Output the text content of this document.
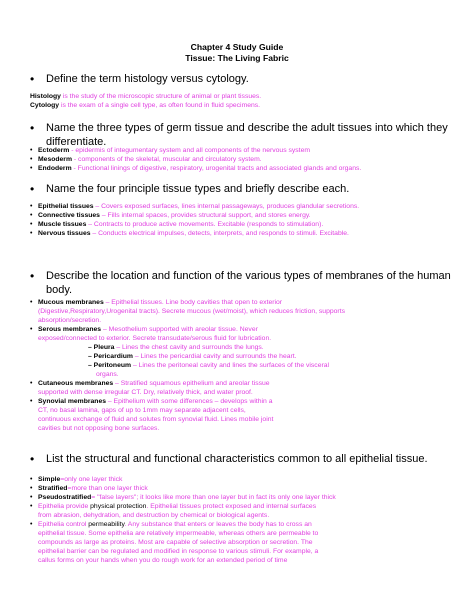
Chapter 4 Study Guide
Tissue: The Living Fabric
• Define the term histology versus cytology.
Histology is the study of the microscopic structure of animal or plant tissues.
Cytology is the exam of a single cell type, as often found in fluid specimens.
• Name the three types of germ tissue and describe the adult tissues into which they differentiate.
• Ectoderm - epidermis of integumentary system and all components of the nervous system
• Mesoderm - components of the skeletal, muscular and circulatory system.
• Endoderm - Functional linings of digestive, respiratory, urogenital tracts and associated glands and organs.
• Name the four principle tissue types and briefly describe each.
• Epithelial tissues – Covers exposed surfaces, lines internal passageways, produces glandular secretions.
• Connective tissues – Fills internal spaces, provides structural support, and stores energy.
• Muscle tissues – Contracts to produce active movements. Excitable (responds to stimulation).
• Nervous tissues – Conducts electrical impulses, detects, interprets, and responds to stimuli. Excitable.
• Describe the location and function of the various types of membranes of the human body.
• Mucous membranes – Epithelial tissues. Line body cavities that open to exterior
(Digestive,Respiratory,Urogenital tracts). Secrete mucous (wet/moist), which reduces friction, supports
absorption/secretion.
• Serous membranes – Mesothelium supported with areolar tissue. Never
exposed/connected to exterior. Secrete transudate/serous fluid for lubrication.
– Pleura – Lines the chest cavity and surrounds the lungs.
– Pericardium – Lines the pericardial cavity and surrounds the heart.
– Peritoneum – Lines the peritoneal cavity and lines the surfaces of the visceral
organs.
• Cutaneous membranes – Stratified squamous epithelium and areolar tissue
supported with dense irregular CT. Dry, relatively thick, and water proof.
• Synovial membranes – Epithelium with some differences – develops within a
CT, no basal lamina, gaps of up to 1mm may separate adjacent cells,
continuous exchange of fluid and solutes from synovial fluid. Lines mobile joint
cavities but not opposing bone surfaces.
• List the structural and functional characteristics common to all epithelial tissue.
• Simple=only one layer thick
• Stratified=more than one layer thick
• Pseudostratified= "false layers"; it looks like more than one layer but in fact its only one layer thick
• Epithelia provide physical protection. Epithelial tissues protect exposed and internal surfaces
from abrasion, dehydration, and destruction by chemical or biological agents.
• Epithelia control permeability. Any substance that enters or leaves the body has to cross an
epithelial tissue. Some epithelia are relatively impermeable, whereas others are permeable to
compounds as large as proteins. Most are capable of selective absorption or secretion. The
epithelial barrier can be regulated and modified in response to various stimuli. For example, a
callus forms on your hands when you do rough work for an extended period of time
